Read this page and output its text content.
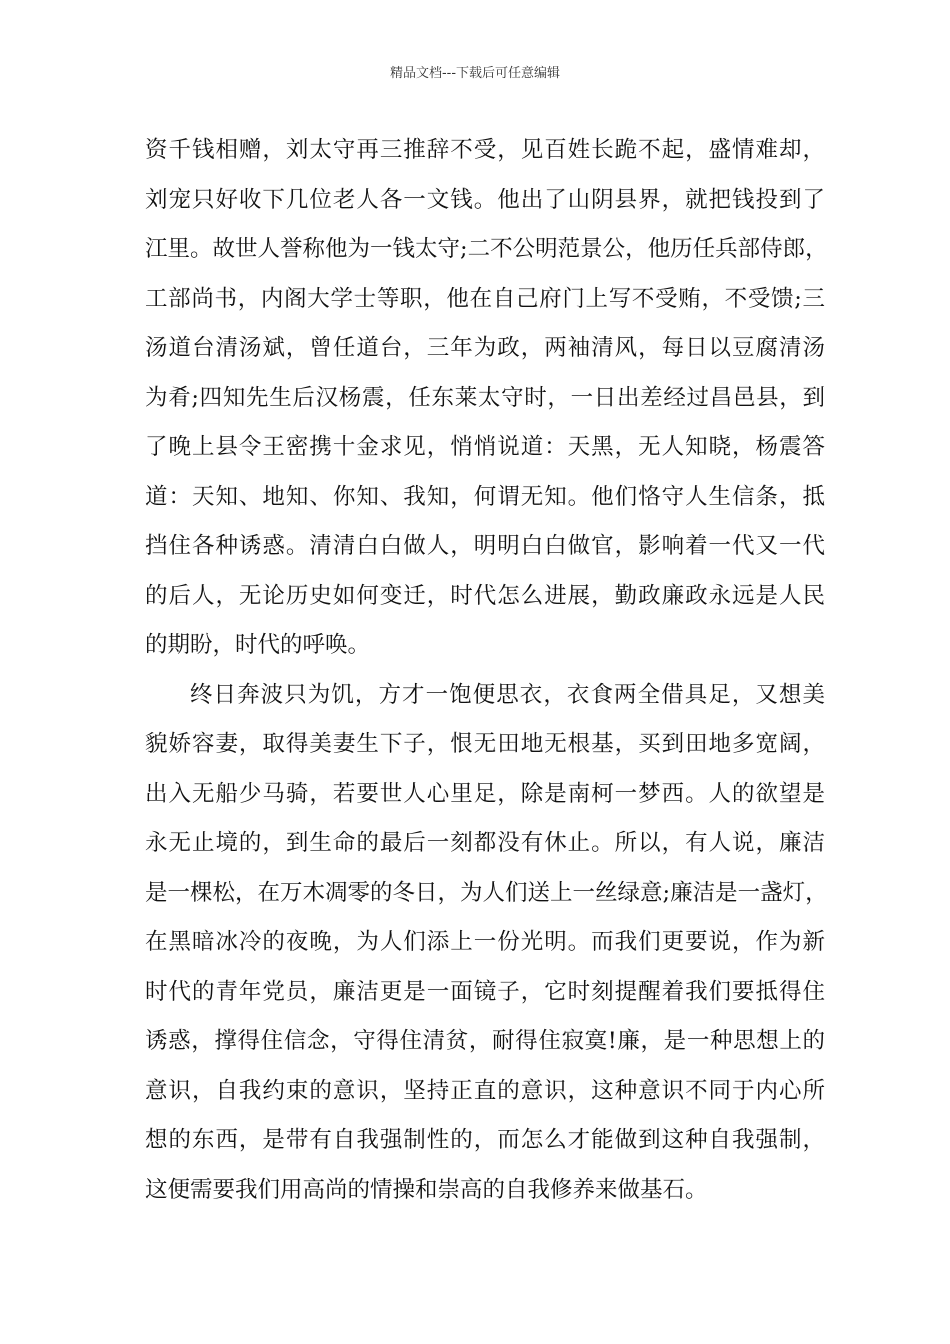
精品文档---下载后可任意编辑
资千钱相赠，刘太守再三推辞不受，见百姓长跪不起，盛情难却，
刘宠只好收下几位老人各一文钱。他出了山阴县界，就把钱投到了
江里。故世人誉称他为一钱太守;二不公明范景公，他历任兵部侍郎，
工部尚书，内阁大学士等职，他在自己府门上写不受贿，不受馈;三
汤道台清汤斌，曾任道台，三年为政，两袖清风，每日以豆腐清汤
为肴;四知先生后汉杨震，任东莱太守时，一日出差经过昌邑县，到
了晚上县令王密携十金求见，悄悄说道：天黑，无人知晓，杨震答
道：天知、地知、你知、我知，何谓无知。他们恪守人生信条，抵
挡住各种诱惑。清清白白做人，明明白白做官，影响着一代又一代
的后人，无论历史如何变迁，时代怎么进展，勤政廉政永远是人民
的期盼，时代的呼唤。
终日奔波只为饥，方才一饱便思衣，衣食两全借具足，又想美
貌娇容妻，取得美妻生下子，恨无田地无根基，买到田地多宽阔，
出入无船少马骑，若要世人心里足，除是南柯一梦西。人的欲望是
永无止境的，到生命的最后一刻都没有休止。所以，有人说，廉洁
是一棵松，在万木凋零的冬日，为人们送上一丝绿意;廉洁是一盏灯，
在黑暗冰冷的夜晚，为人们添上一份光明。而我们更要说，作为新
时代的青年党员，廉洁更是一面镜子，它时刻提醒着我们要抵得住
诱惑，撑得住信念，守得住清贫，耐得住寂寞!廉，是一种思想上的
意识，自我约束的意识，坚持正直的意识，这种意识不同于内心所
想的东西，是带有自我强制性的，而怎么才能做到这种自我强制，
这便需要我们用高尚的情操和崇高的自我修养来做基石。
